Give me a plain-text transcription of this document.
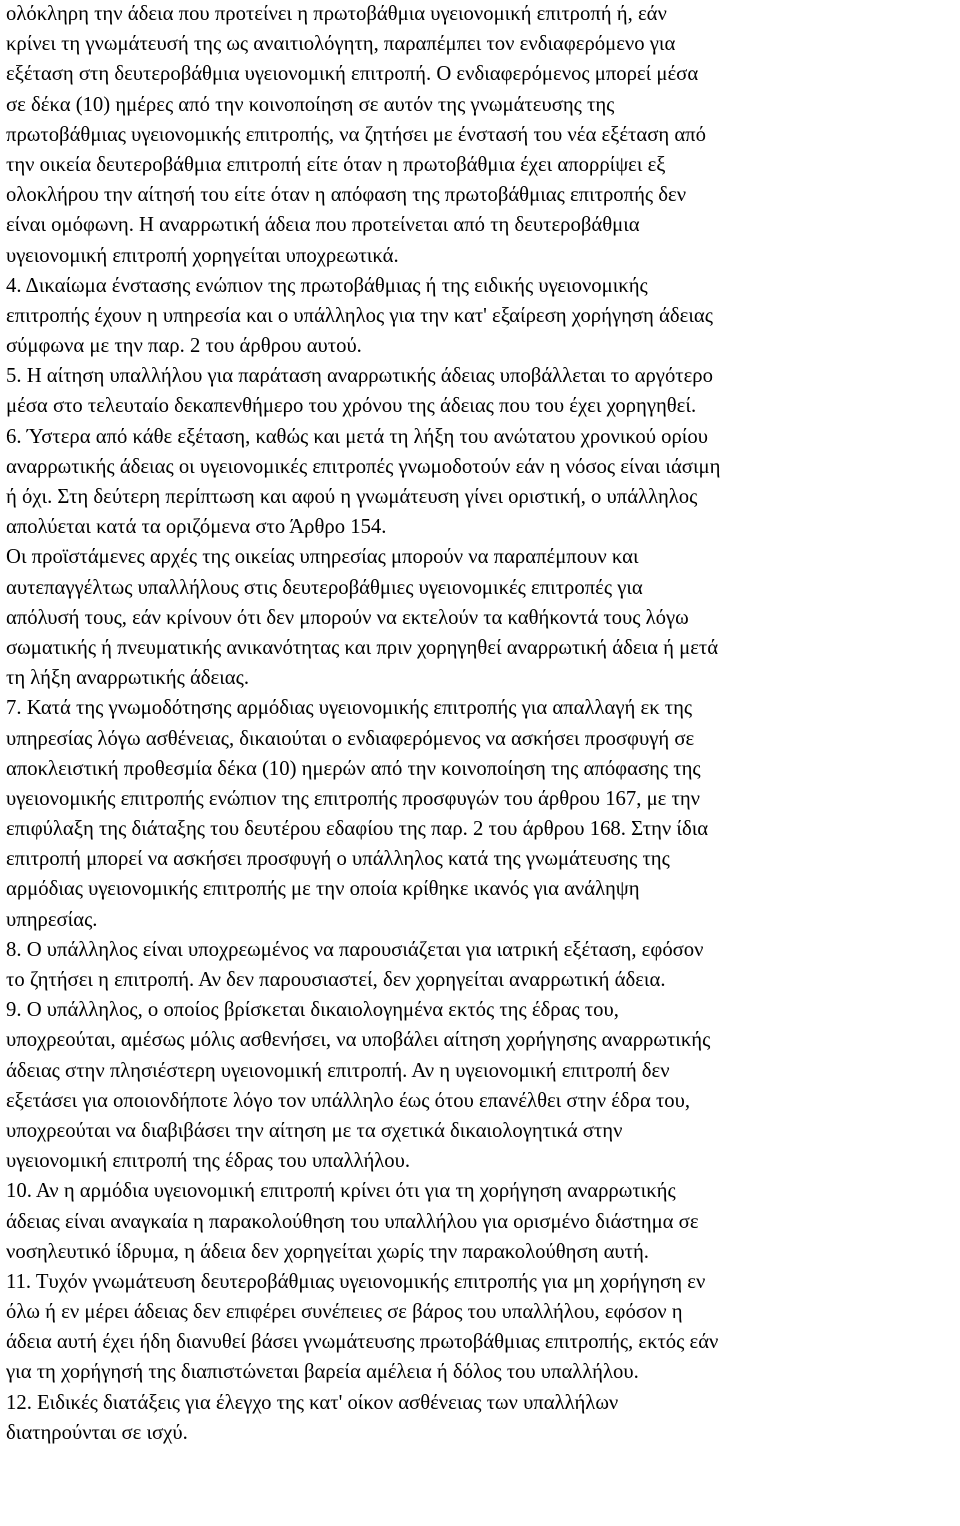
ολόκληρη την άδεια που προτείνει η πρωτοβάθμια υγειονομική επιτροπή ή, εάν
κρίνει τη γνωμάτευσή της ως αναιτιολόγητη, παραπέμπει τον ενδιαφερόμενο για
εξέταση στη δευτεροβάθμια υγειονομική επιτροπή. Ο ενδιαφερόμενος μπορεί μέσα
σε δέκα (10) ημέρες από την κοινοποίηση σε αυτόν της γνωμάτευσης της
πρωτοβάθμιας υγειονομικής επιτροπής, να ζητήσει με ένστασή του νέα εξέταση από
την οικεία δευτεροβάθμια επιτροπή είτε όταν η πρωτοβάθμια έχει απορρίψει εξ
ολοκλήρου την αίτησή του είτε όταν η απόφαση της πρωτοβάθμιας επιτροπής δεν
είναι ομόφωνη. Η αναρρωτική άδεια που προτείνεται από τη δευτεροβάθμια
υγειονομική επιτροπή χορηγείται υποχρεωτικά.
4. Δικαίωμα ένστασης ενώπιον της πρωτοβάθμιας ή της ειδικής υγειονομικής
επιτροπής έχουν η υπηρεσία και ο υπάλληλος για την κατ' εξαίρεση χορήγηση άδειας
σύμφωνα με την παρ. 2 του άρθρου αυτού.
5. Η αίτηση υπαλλήλου για παράταση αναρρωτικής άδειας υποβάλλεται το αργότερο
μέσα στο τελευταίο δεκαπενθήμερο του χρόνου της άδειας που του έχει χορηγηθεί.
6. Ύστερα από κάθε εξέταση, καθώς και μετά τη λήξη του ανώτατου χρονικού ορίου
αναρρωτικής άδειας οι υγειονομικές επιτροπές γνωμοδοτούν εάν η νόσος είναι ιάσιμη
ή όχι. Στη δεύτερη περίπτωση και αφού η γνωμάτευση γίνει οριστική, ο υπάλληλος
απολύεται κατά τα οριζόμενα στο Άρθρο 154.
Οι προϊστάμενες αρχές της οικείας υπηρεσίας μπορούν να παραπέμπουν και
αυτεπαγγέλτως υπαλλήλους στις δευτεροβάθμιες υγειονομικές επιτροπές για
απόλυσή τους, εάν κρίνουν ότι δεν μπορούν να εκτελούν τα καθήκοντά τους λόγω
σωματικής ή πνευματικής ανικανότητας και πριν χορηγηθεί αναρρωτική άδεια ή μετά
τη λήξη αναρρωτικής άδειας.
7. Κατά της γνωμοδότησης αρμόδιας υγειονομικής επιτροπής για απαλλαγή εκ της
υπηρεσίας λόγω ασθένειας, δικαιούται ο ενδιαφερόμενος να ασκήσει προσφυγή σε
αποκλειστική προθεσμία δέκα (10) ημερών από την κοινοποίηση της απόφασης της
υγειονομικής επιτροπής ενώπιον της επιτροπής προσφυγών του άρθρου 167, με την
επιφύλαξη της διάταξης του δευτέρου εδαφίου της παρ. 2 του άρθρου 168. Στην ίδια
επιτροπή μπορεί να ασκήσει προσφυγή ο υπάλληλος κατά της γνωμάτευσης της
αρμόδιας υγειονομικής επιτροπής με την οποία κρίθηκε ικανός για ανάληψη
υπηρεσίας.
8. Ο υπάλληλος είναι υποχρεωμένος να παρουσιάζεται για ιατρική εξέταση, εφόσον
το ζητήσει η επιτροπή. Αν δεν παρουσιαστεί, δεν χορηγείται αναρρωτική άδεια.
9. Ο υπάλληλος, ο οποίος βρίσκεται δικαιολογημένα εκτός της έδρας του,
υποχρεούται, αμέσως μόλις ασθενήσει, να υποβάλει αίτηση χορήγησης αναρρωτικής
άδειας στην πλησιέστερη υγειονομική επιτροπή. Αν η υγειονομική επιτροπή δεν
εξετάσει για οποιονδήποτε λόγο τον υπάλληλο έως ότου επανέλθει στην έδρα του,
υποχρεούται να διαβιβάσει την αίτηση με τα σχετικά δικαιολογητικά στην
υγειονομική επιτροπή της έδρας του υπαλλήλου.
10. Αν η αρμόδια υγειονομική επιτροπή κρίνει ότι για τη χορήγηση αναρρωτικής
άδειας είναι αναγκαία η παρακολούθηση του υπαλλήλου για ορισμένο διάστημα σε
νοσηλευτικό ίδρυμα, η άδεια δεν χορηγείται χωρίς την παρακολούθηση αυτή.
11. Τυχόν γνωμάτευση δευτεροβάθμιας υγειονομικής επιτροπής για μη χορήγηση εν
όλω ή εν μέρει άδειας δεν επιφέρει συνέπειες σε βάρος του υπαλλήλου, εφόσον η
άδεια αυτή έχει ήδη διανυθεί βάσει γνωμάτευσης πρωτοβάθμιας επιτροπής, εκτός εάν
για τη χορήγησή της διαπιστώνεται βαρεία αμέλεια ή δόλος του υπαλλήλου.
12. Ειδικές διατάξεις για έλεγχο της κατ' οίκον ασθένειας των υπαλλήλων
διατηρούνται σε ισχύ.
